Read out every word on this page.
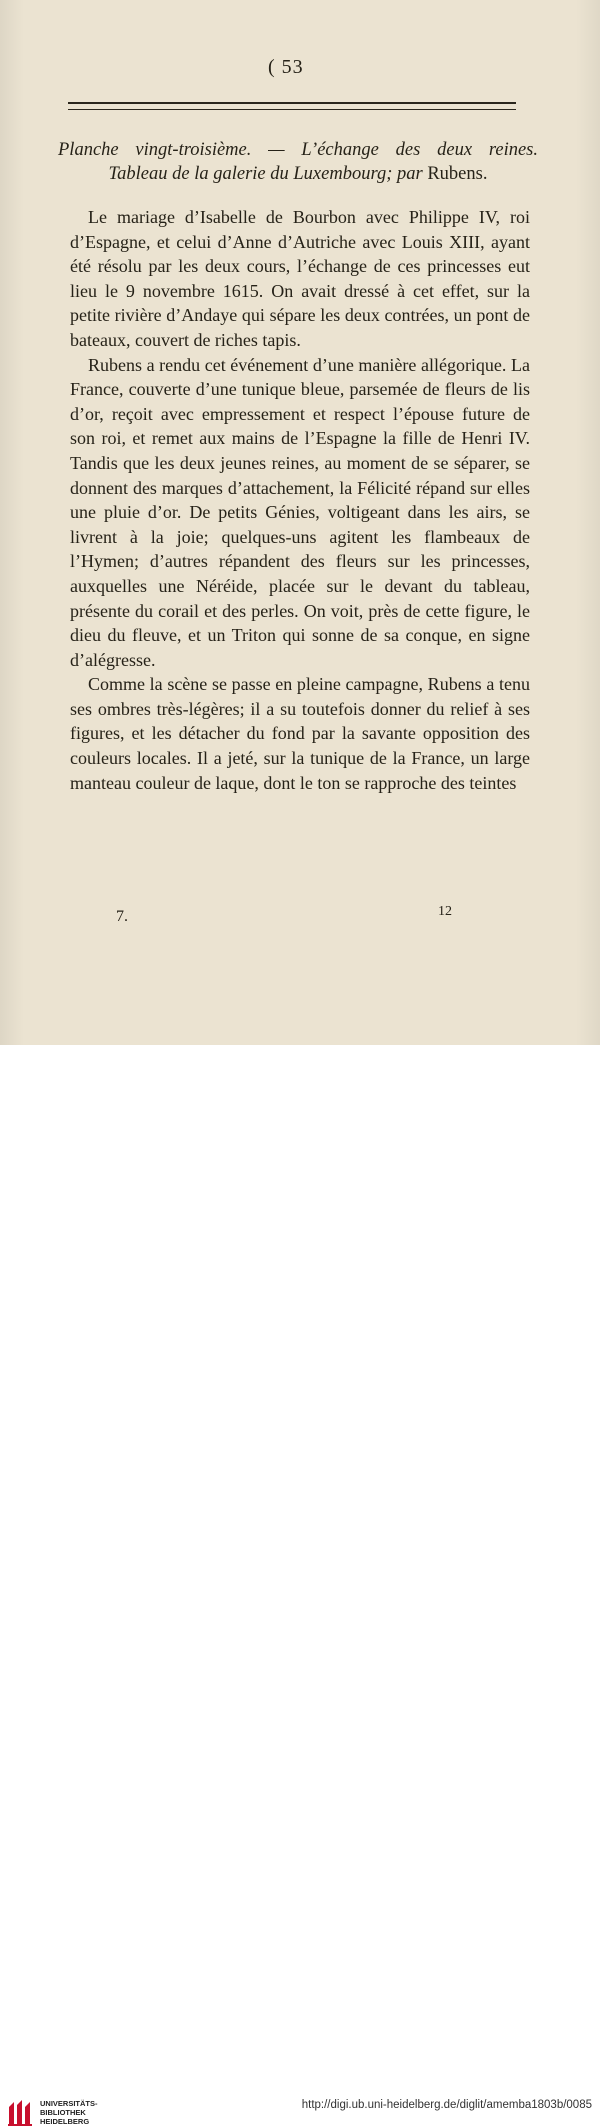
( 53
Planche vingt-troisième. — L’échange des deux reines.
Tableau de la galerie du Luxembourg; par Rubens.

Le mariage d’Isabelle de Bourbon avec Philippe IV, roi d’Espagne, et celui d’Anne d’Autriche avec Louis XIII, ayant été résolu par les deux cours, l’échange de ces princesses eut lieu le 9 novembre 1615. On avait dressé à cet effet, sur la petite rivière d’Andaye qui sépare les deux contrées, un pont de bateaux, couvert de riches tapis.

Rubens a rendu cet événement d’une manière allégorique. La France, couverte d’une tunique bleue, parsemée de fleurs de lis d’or, reçoit avec empressement et respect l’épouse future de son roi, et remet aux mains de l’Espagne la fille de Henri IV. Tandis que les deux jeunes reines, au moment de se séparer, se donnent des marques d’attachement, la Félicité répand sur elles une pluie d’or. De petits Génies, voltigeant dans les airs, se livrent à la joie; quelques-uns agitent les flambeaux de l’Hymen; d’autres répandent des fleurs sur les princesses, auxquelles une Néréide, placée sur le devant du tableau, présente du corail et des perles. On voit, près de cette figure, le dieu du fleuve, et un Triton qui sonne de sa conque, en signe d’alégresse.

Comme la scène se passe en pleine campagne, Rubens a tenu ses ombres très-légères; il a su toutefois donner du relief à ses figures, et les détacher du fond par la savante opposition des couleurs locales. Il a jeté, sur la tunique de la France, un large manteau couleur de laque, dont le ton se rapproche des teintes

7.	12
UNIVERSITÄTS-
BIBLIOTHEK
HEIDELBERG
http://digi.ub.uni-heidelberg.de/diglit/amemba1803b/0085
